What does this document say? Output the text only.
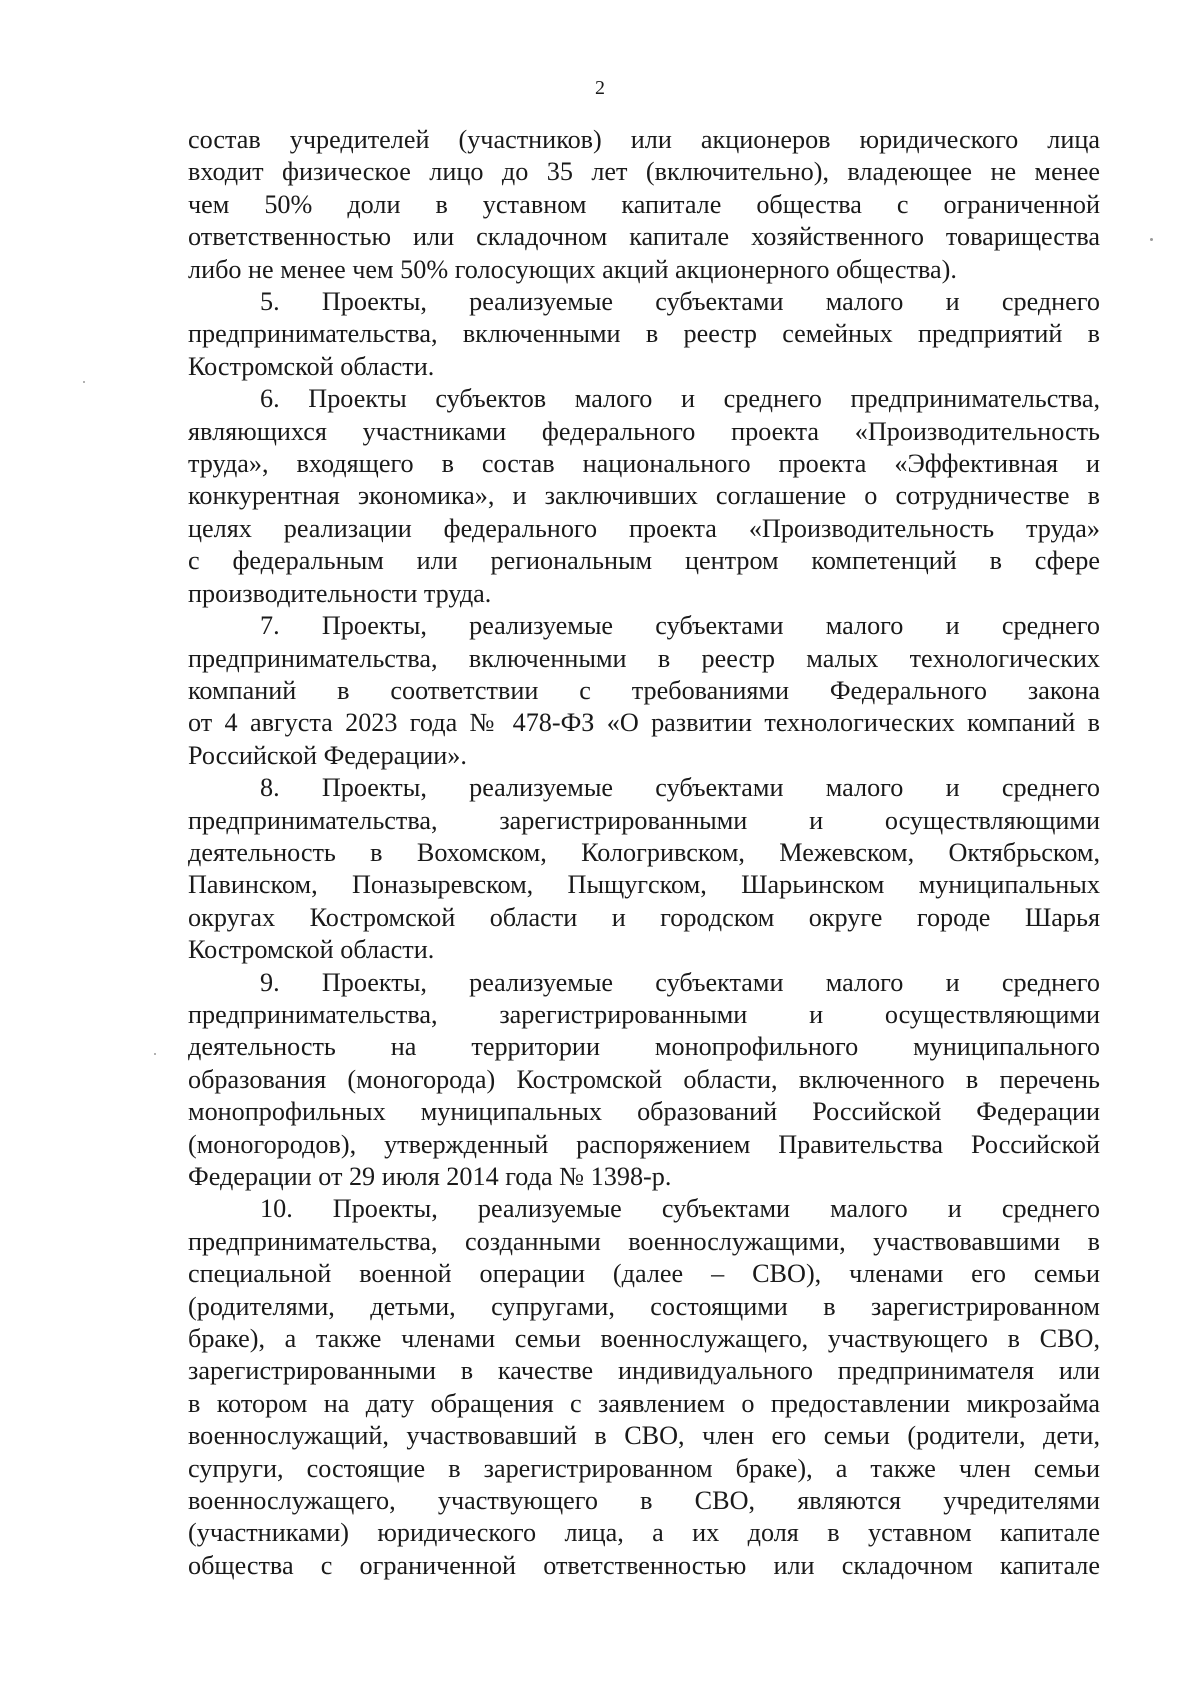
2
состав учредителей (участников) или акционеров юридического лица
входит физическое лицо до 35 лет (включительно), владеющее не менее
чем 50% доли в уставном капитале общества с ограниченной
ответственностью или складочном капитале хозяйственного товарищества
либо не менее чем 50% голосующих акций акционерного общества).
5. Проекты, реализуемые субъектами малого и среднего
предпринимательства, включенными в реестр семейных предприятий в
Костромской области.
6. Проекты субъектов малого и среднего предпринимательства,
являющихся участниками федерального проекта «Производительность
труда», входящего в состав национального проекта «Эффективная и
конкурентная экономика», и заключивших соглашение о сотрудничестве в
целях реализации федерального проекта «Производительность труда»
с федеральным или региональным центром компетенций в сфере
производительности труда.
7. Проекты, реализуемые субъектами малого и среднего
предпринимательства, включенными в реестр малых технологических
компаний в соответствии с требованиями Федерального закона
от 4 августа 2023 года № 478-ФЗ «О развитии технологических компаний в
Российской Федерации».
8. Проекты, реализуемые субъектами малого и среднего
предпринимательства, зарегистрированными и осуществляющими
деятельность в Вохомском, Кологривском, Межевском, Октябрьском,
Павинском, Поназыревском, Пыщугском, Шарьинском муниципальных
округах Костромской области и городском округе городе Шарья
Костромской области.
9. Проекты, реализуемые субъектами малого и среднего
предпринимательства, зарегистрированными и осуществляющими
деятельность на территории монопрофильного муниципального
образования (моногорода) Костромской области, включенного в перечень
монопрофильных муниципальных образований Российской Федерации
(моногородов), утвержденный распоряжением Правительства Российской
Федерации от 29 июля 2014 года № 1398-р.
10. Проекты, реализуемые субъектами малого и среднего
предпринимательства, созданными военнослужащими, участвовавшими в
специальной военной операции (далее – СВО), членами его семьи
(родителями, детьми, супругами, состоящими в зарегистрированном
браке), а также членами семьи военнослужащего, участвующего в СВО,
зарегистрированными в качестве индивидуального предпринимателя или
в котором на дату обращения с заявлением о предоставлении микрозайма
военнослужащий, участвовавший в СВО, член его семьи (родители, дети,
супруги, состоящие в зарегистрированном браке), а также член семьи
военнослужащего, участвующего в СВО, являются учредителями
(участниками) юридического лица, а их доля в уставном капитале
общества с ограниченной ответственностью или складочном капитале
